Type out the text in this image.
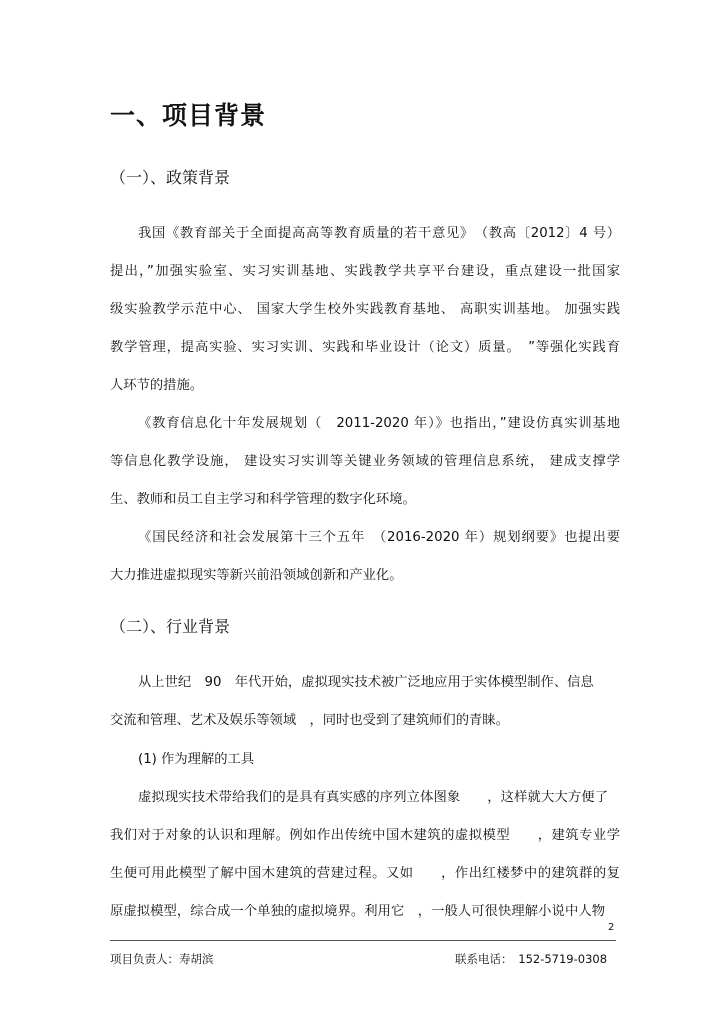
一、项目背景
（一）、政策背景
我国《教育部关于全面提高高等教育质量的若干意见》　（教高〔2012〕4 号）
提出，”加强实验室、实习实训基地、实践教学共享平台建设，重点建设一批国家
级实验教学示范中心、 国家大学生校外实践教育基地、 高职实训基地。 加强实践
教学管理，提高实验、实习实训、实践和毕业设计（论文）质量。　”等强化实践育
人环节的措施。
《教育信息化十年发展规划（　2011-2020 年）》也指出，”建设仿真实训基地
等信息化教学设施， 建设实习实训等关键业务领域的管理信息系统， 建成支撑学
生、教师和员工自主学习和科学管理的数字化环境。
《国民经济和社会发展第十三个五年　（2016-2020 年）规划纲要》也提出要
大力推进虚拟现实等新兴前沿领域创新和产业化。
（二）、行业背景
从上世纪　90　年代开始，虚拟现实技术被广泛地应用于实体模型制作、信息
交流和管理、艺术及娱乐等领域　，同时也受到了建筑师们的青睐。
(1) 作为理解的工具
虚拟现实技术带给我们的是具有真实感的序列立体图象　　，这样就大大方便了
我们对于对象的认识和理解。例如作出传统中国木建筑的虚拟模型　　，建筑专业学
生便可用此模型了解中国木建筑的营建过程。又如　　，作出红楼梦中的建筑群的复
原虚拟模型，综合成一个单独的虚拟境界。利用它　，一般人可很快理解小说中人物
2
项目负责人：寿胡滨	联系电话：　152-5719-0308
